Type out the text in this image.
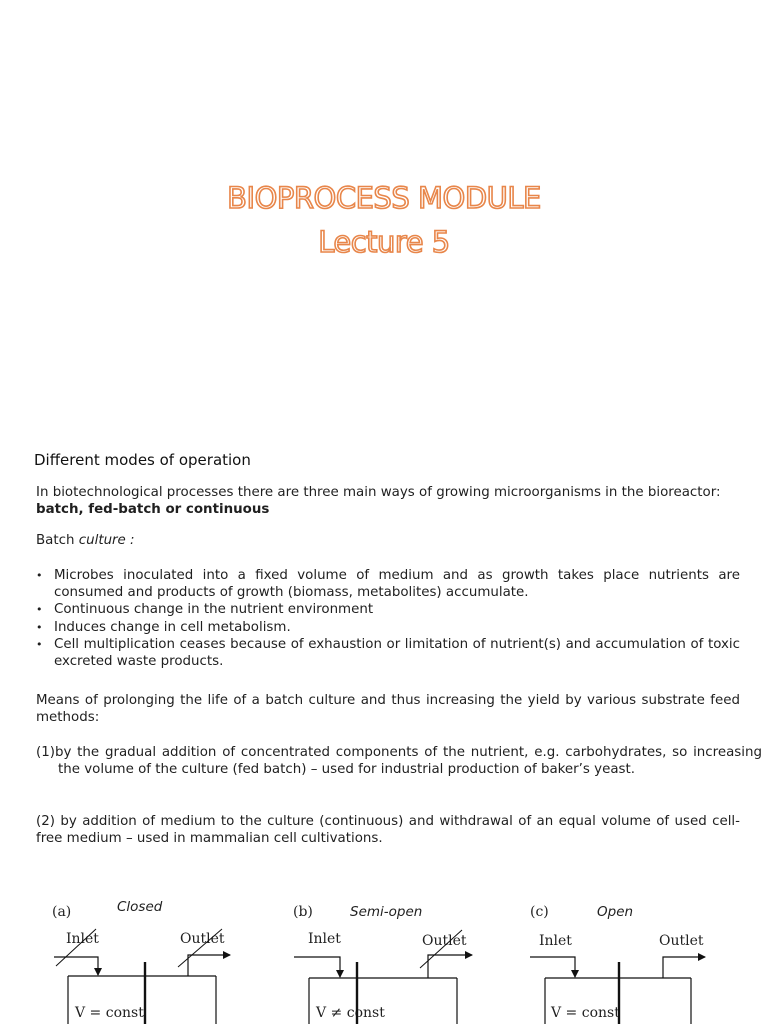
BIOPROCESS MODULE
Lecture 5
Different modes of operation
In biotechnological processes there are three main ways of growing microorganisms in the bioreactor: batch, fed-batch or continuous
Batch culture :
• Microbes inoculated into a fixed volume of medium and as growth takes place nutrients are consumed and products of growth (biomass, metabolites) accumulate.
• Continuous change in the nutrient environment
• Induces change in cell metabolism.
• Cell multiplication ceases because of exhaustion or limitation of nutrient(s) and accumulation of toxic excreted waste products.
Means of prolonging the life of a batch culture and thus increasing the yield by various substrate feed methods:
(1)by the gradual addition of concentrated components of the nutrient, e.g. carbohydrates, so increasing the volume of the culture (fed batch) – used for industrial production of baker’s yeast.
(2) by addition of medium to the culture (continuous) and withdrawal of an equal volume of used cell-free medium – used in mammalian cell cultivations.
(a)	Closed
Inlet	Outlet
V = const
(b)	Semi-open
Inlet	Outlet
V ≠ const
(c)	Open
Inlet	Outlet
V = const
